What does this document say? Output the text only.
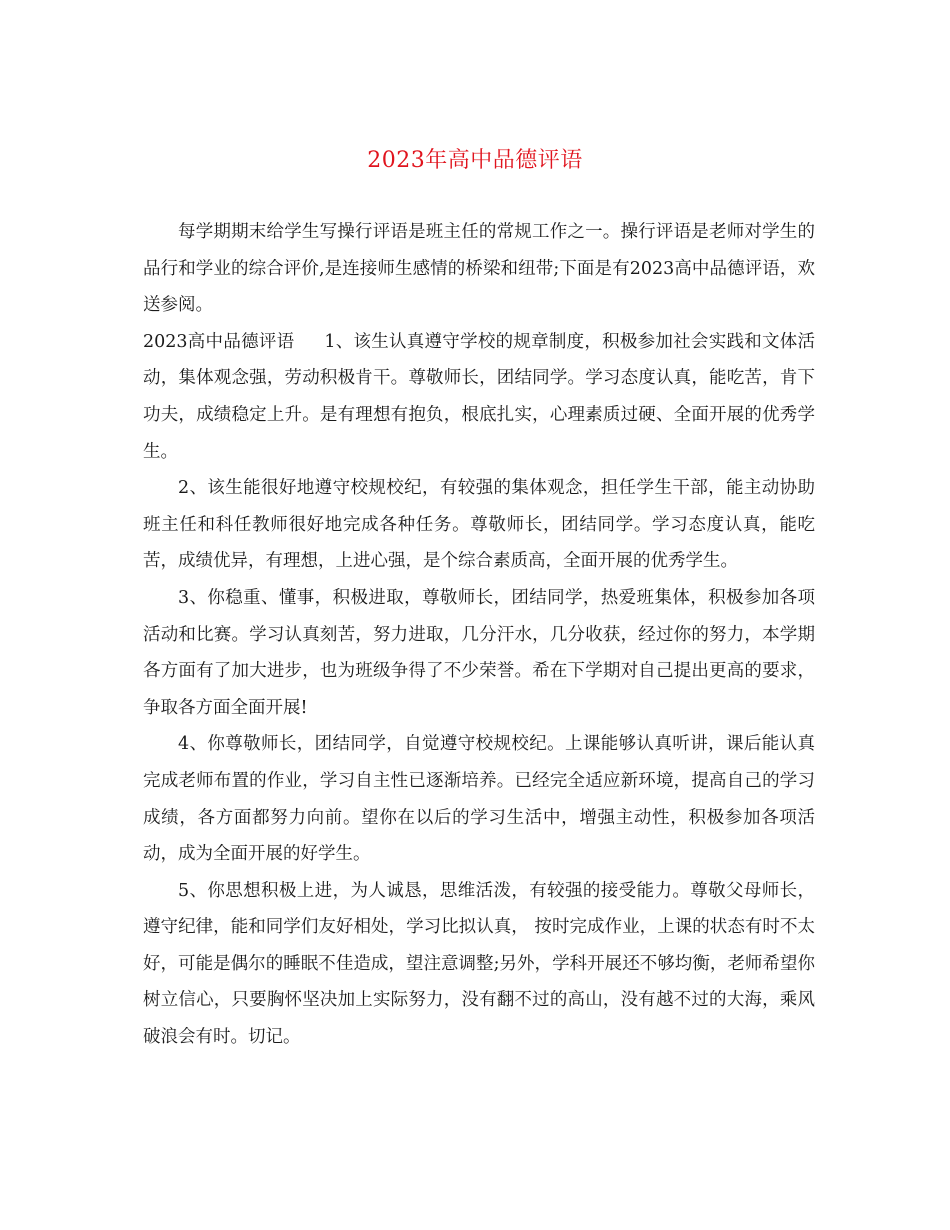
2023年高中品德评语

每学期期末给学生写操行评语是班主任的常规工作之一。操行评语是老师对学生的品行和学业的综合评价,是连接师生感情的桥梁和纽带;下面是有2023高中品德评语，欢送参阅。

2023高中品德评语 1、该生认真遵守学校的规章制度，积极参加社会实践和文体活动，集体观念强，劳动积极肯干。尊敬师长，团结同学。学习态度认真，能吃苦，肯下功夫，成绩稳定上升。是有理想有抱负，根底扎实，心理素质过硬、全面开展的优秀学生。

2、该生能很好地遵守校规校纪，有较强的集体观念，担任学生干部，能主动协助班主任和科任教师很好地完成各种任务。尊敬师长，团结同学。学习态度认真，能吃苦，成绩优异，有理想，上进心强，是个综合素质高，全面开展的优秀学生。

3、你稳重、懂事，积极进取，尊敬师长，团结同学，热爱班集体，积极参加各项活动和比赛。学习认真刻苦，努力进取，几分汗水，几分收获，经过你的努力，本学期各方面有了加大进步，也为班级争得了不少荣誉。希在下学期对自己提出更高的要求，争取各方面全面开展!

4、你尊敬师长，团结同学，自觉遵守校规校纪。上课能够认真听讲，课后能认真完成老师布置的作业，学习自主性已逐渐培养。已经完全适应新环境，提高自己的学习成绩，各方面都努力向前。望你在以后的学习生活中，增强主动性，积极参加各项活动，成为全面开展的好学生。

5、你思想积极上进，为人诚恳，思维活泼，有较强的接受能力。尊敬父母师长，遵守纪律，能和同学们友好相处，学习比拟认真， 按时完成作业，上课的状态有时不太好，可能是偶尔的睡眠不佳造成，望注意调整;另外，学科开展还不够均衡，老师希望你树立信心，只要胸怀坚决加上实际努力，没有翻不过的高山，没有越不过的大海，乘风破浪会有时。切记。
